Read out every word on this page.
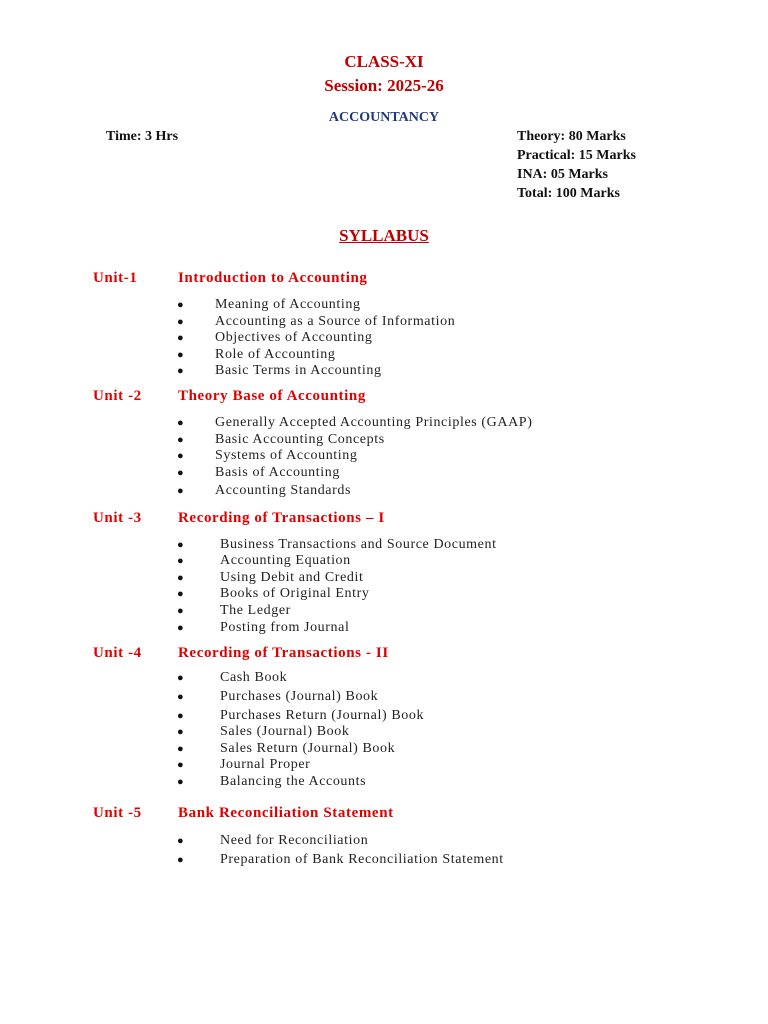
CLASS-XI
Session: 2025-26
ACCOUNTANCY
Time: 3 Hrs	Theory: 80 Marks
Practical: 15 Marks
INA: 05 Marks
Total: 100 Marks
SYLLABUS
Unit-1	Introduction to Accounting
● Meaning of Accounting
● Accounting as a Source of Information
● Objectives of Accounting
● Role of Accounting
● Basic Terms in Accounting
Unit -2 Theory Base of Accounting
● Generally Accepted Accounting Principles (GAAP)
● Basic Accounting Concepts
● Systems of Accounting
● Basis of Accounting
● Accounting Standards
Unit -3 Recording of Transactions – I
●	Business Transactions and Source Document
●	Accounting Equation
●	Using Debit and Credit
●	Books of Original Entry
●	The Ledger
●	Posting from Journal
Unit -4 Recording of Transactions - II
●	Cash Book
●	Purchases (Journal) Book
●	Purchases Return (Journal) Book
●	Sales (Journal) Book
●	Sales Return (Journal) Book
●	Journal Proper
●	Balancing the Accounts
Unit -5 Bank Reconciliation Statement
●	Need for Reconciliation
●	Preparation of Bank Reconciliation Statement
